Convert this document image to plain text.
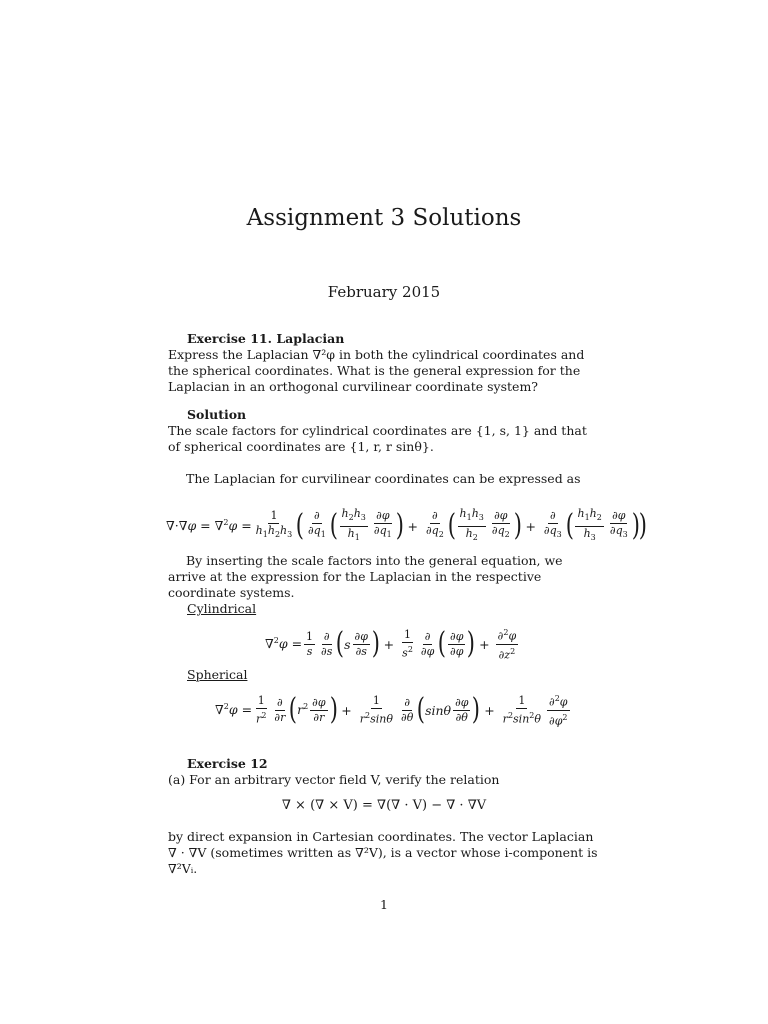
Assignment 3 Solutions
February 2015
Exercise 11. Laplacian
Express the Laplacian ∇²φ in both the cylindrical coordinates and the spherical coordinates. What is the general expression for the Laplacian in an orthogonal curvilinear coordinate system?
Solution
The scale factors for cylindrical coordinates are {1, s, 1} and that of spherical coordinates are {1, r, r sinθ}.
The Laplacian for curvilinear coordinates can be expressed as
$\nabla\cdot\nabla\varphi = \nabla^2\varphi = \frac{1}{h_1h_2h_3}$ ( $\frac{\partial}{\partial q_1}$ ( $\frac{h_2h_3}{h_1} \frac{\partial\varphi}{\partial q_1}$ ) + $\frac{\partial}{\partial q_2}$ ( $\frac{h_1h_3}{h_2} \frac{\partial\varphi}{\partial q_2}$ ) + $\frac{\partial}{\partial q_3}$ ( $\frac{h_1h_2}{h_3} \frac{\partial\varphi}{\partial q_3}$ ) )
By inserting the scale factors into the general equation, we arrive at the expression for the Laplacian in the respective coordinate systems.
Cylindrical
$\nabla^2\varphi = \frac{1}{s} \frac{\partial}{\partial s}$ ( s $\frac{\partial\varphi}{\partial s}$ ) + $\frac{1}{s^2} \frac{\partial}{\partial\varphi}$ ( $\frac{\partial\varphi}{\partial\varphi}$ ) + $\frac{\partial^2\varphi}{\partial z^2}$
Spherical
$\nabla^2\varphi = \frac{1}{r^2} \frac{\partial}{\partial r}$ ( $r^2 \frac{\partial\varphi}{\partial r}$ ) + $\frac{1}{r^2\sin\theta} \frac{\partial}{\partial\theta}$ ( sinθ $\frac{\partial\varphi}{\partial\theta}$ ) + $\frac{1}{r^2\sin^2\theta} \frac{\partial^2\varphi}{\partial\varphi^2}$
Exercise 12
(a) For an arbitrary vector field V, verify the relation
∇ × (∇ × V) = ∇(∇ · V) − ∇ · ∇V
by direct expansion in Cartesian coordinates. The vector Laplacian ∇ · ∇V (sometimes written as ∇²V), is a vector whose i-component is ∇²Vᵢ.
1
